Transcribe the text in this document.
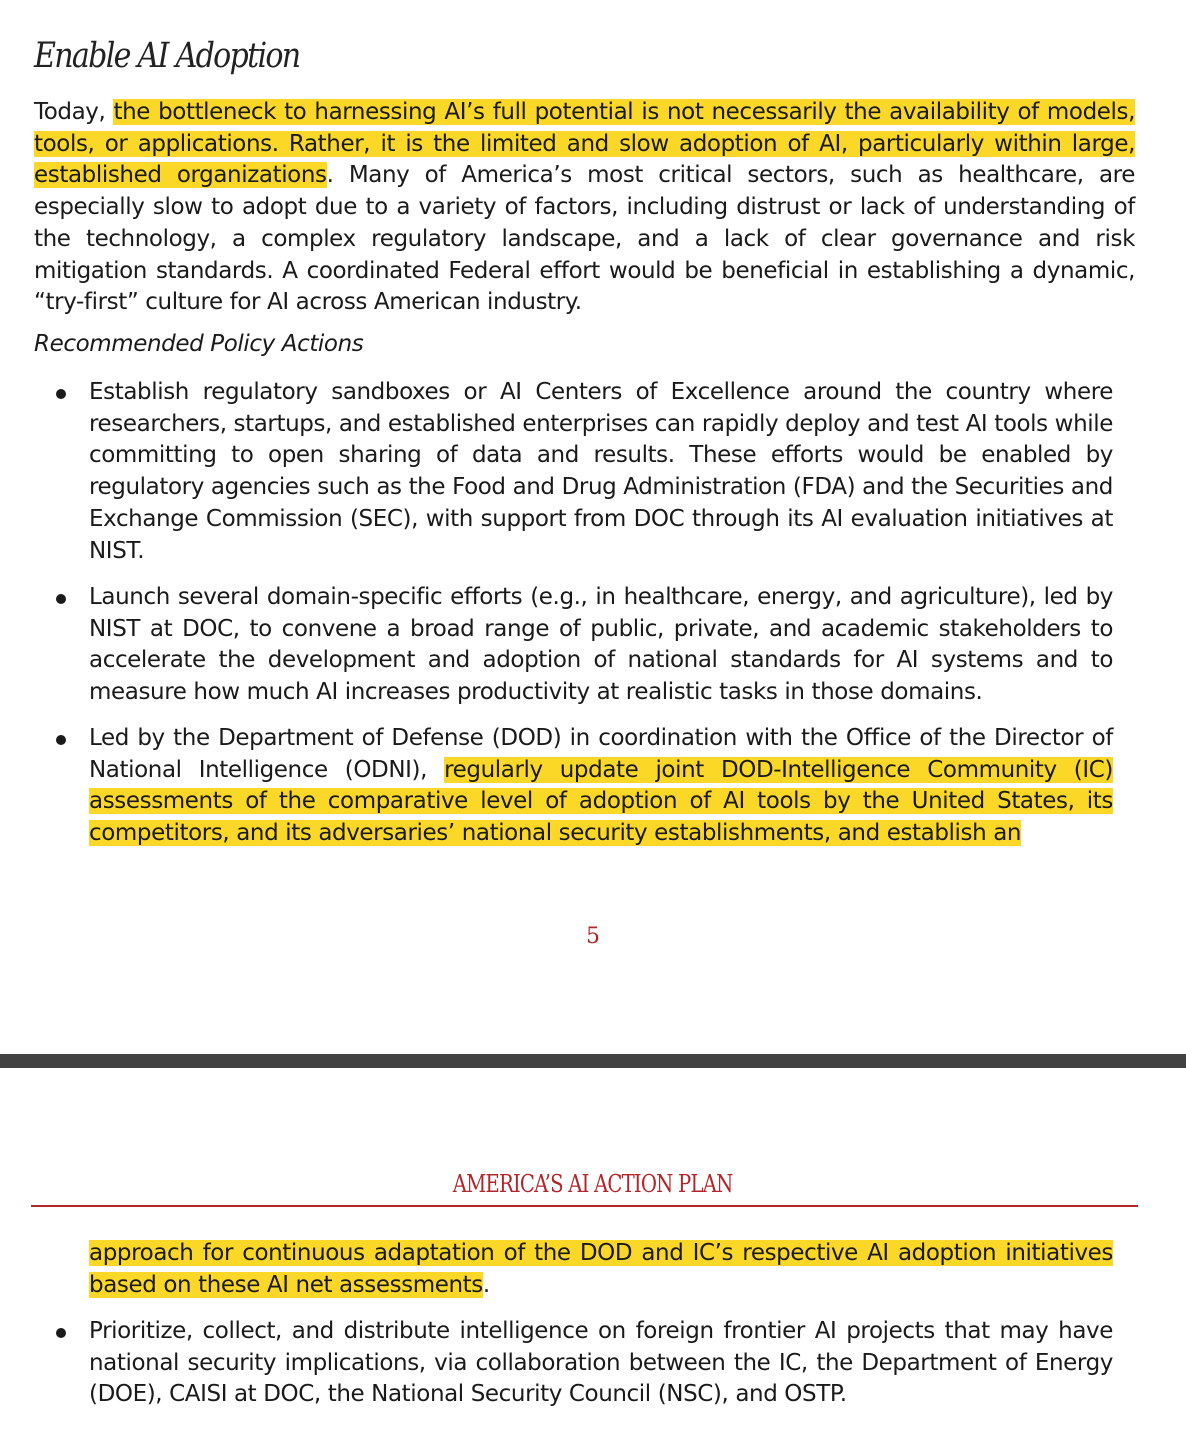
Enable AI Adoption

Today, the bottleneck to harnessing AI’s full potential is not necessarily the availability of models, tools, or applications. Rather, it is the limited and slow adoption of AI, particularly within large, established organizations. Many of America’s most critical sectors, such as healthcare, are especially slow to adopt due to a variety of factors, including distrust or lack of understanding of the technology, a complex regulatory landscape, and a lack of clear governance and risk mitigation standards. A coordinated Federal effort would be beneficial in establishing a dynamic, “try-first” culture for AI across American industry.

Recommended Policy Actions

Establish regulatory sandboxes or AI Centers of Excellence around the country where researchers, startups, and established enterprises can rapidly deploy and test AI tools while committing to open sharing of data and results. These efforts would be enabled by regulatory agencies such as the Food and Drug Administration (FDA) and the Securities and Exchange Commission (SEC), with support from DOC through its AI evaluation initiatives at NIST.

Launch several domain-specific efforts (e.g., in healthcare, energy, and agriculture), led by NIST at DOC, to convene a broad range of public, private, and academic stakeholders to accelerate the development and adoption of national standards for AI systems and to measure how much AI increases productivity at realistic tasks in those domains.

Led by the Department of Defense (DOD) in coordination with the Office of the Director of National Intelligence (ODNI), regularly update joint DOD-Intelligence Community (IC) assessments of the comparative level of adoption of AI tools by the United States, its competitors, and its adversaries’ national security establishments, and establish an

5
AMERICA’S AI ACTION PLAN

approach for continuous adaptation of the DOD and IC’s respective AI adoption initiatives based on these AI net assessments.

Prioritize, collect, and distribute intelligence on foreign frontier AI projects that may have national security implications, via collaboration between the IC, the Department of Energy (DOE), CAISI at DOC, the National Security Council (NSC), and OSTP.
